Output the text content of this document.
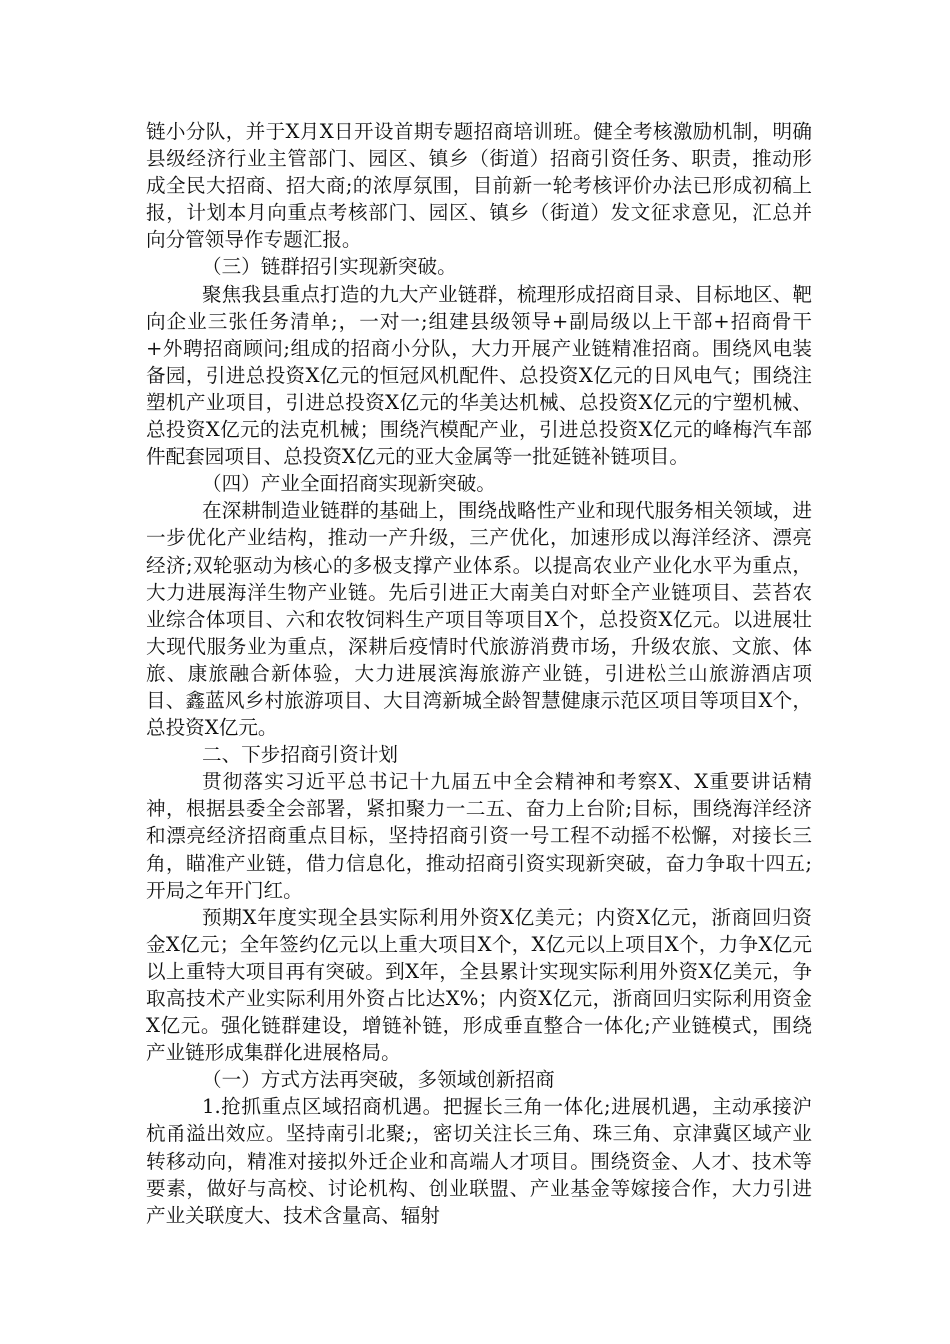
链小分队，并于X月X日开设首期专题招商培训班。健全考核激励机制，明确县级经济行业主管部门、园区、镇乡（街道）招商引资任务、职责，推动形成全民大招商、招大商;的浓厚氛围，目前新一轮考核评价办法已形成初稿上报，计划本月向重点考核部门、园区、镇乡（街道）发文征求意见，汇总并向分管领导作专题汇报。

（三）链群招引实现新突破。

聚焦我县重点打造的九大产业链群，梳理形成招商目录、目标地区、靶向企业三张任务清单;，一对一;组建县级领导+副局级以上干部+招商骨干+外聘招商顾问;组成的招商小分队，大力开展产业链精准招商。围绕风电装备园，引进总投资X亿元的恒冠风机配件、总投资X亿元的日风电气；围绕注塑机产业项目，引进总投资X亿元的华美达机械、总投资X亿元的宁塑机械、总投资X亿元的法克机械；围绕汽模配产业，引进总投资X亿元的峰梅汽车部件配套园项目、总投资X亿元的亚大金属等一批延链补链项目。

（四）产业全面招商实现新突破。

在深耕制造业链群的基础上，围绕战略性产业和现代服务相关领域，进一步优化产业结构，推动一产升级，三产优化，加速形成以海洋经济、漂亮经济;双轮驱动为核心的多极支撑产业体系。以提高农业产业化水平为重点，大力进展海洋生物产业链。先后引进正大南美白对虾全产业链项目、芸苔农业综合体项目、六和农牧饲料生产项目等项目X个，总投资X亿元。以进展壮大现代服务业为重点，深耕后疫情时代旅游消费市场，升级农旅、文旅、体旅、康旅融合新体验，大力进展滨海旅游产业链，引进松兰山旅游酒店项目、鑫蓝风乡村旅游项目、大目湾新城全龄智慧健康示范区项目等项目X个，总投资X亿元。

二、下步招商引资计划

贯彻落实习近平总书记十九届五中全会精神和考察X、X重要讲话精神，根据县委全会部署，紧扣聚力一二五、奋力上台阶;目标，围绕海洋经济和漂亮经济招商重点目标，坚持招商引资一号工程不动摇不松懈，对接长三角，瞄准产业链，借力信息化，推动招商引资实现新突破，奋力争取十四五;开局之年开门红。

预期X年度实现全县实际利用外资X亿美元；内资X亿元，浙商回归资金X亿元；全年签约亿元以上重大项目X个，X亿元以上项目X个，力争X亿元以上重特大项目再有突破。到X年，全县累计实现实际利用外资X亿美元，争取高技术产业实际利用外资占比达X%；内资X亿元，浙商回归实际利用资金X亿元。强化链群建设，增链补链，形成垂直整合一体化;产业链模式，围绕产业链形成集群化进展格局。

（一）方式方法再突破，多领域创新招商

1.抢抓重点区域招商机遇。把握长三角一体化;进展机遇，主动承接沪杭甬溢出效应。坚持南引北聚;，密切关注长三角、珠三角、京津冀区域产业转移动向，精准对接拟外迁企业和高端人才项目。围绕资金、人才、技术等要素，做好与高校、讨论机构、创业联盟、产业基金等嫁接合作，大力引进产业关联度大、技术含量高、辐射
